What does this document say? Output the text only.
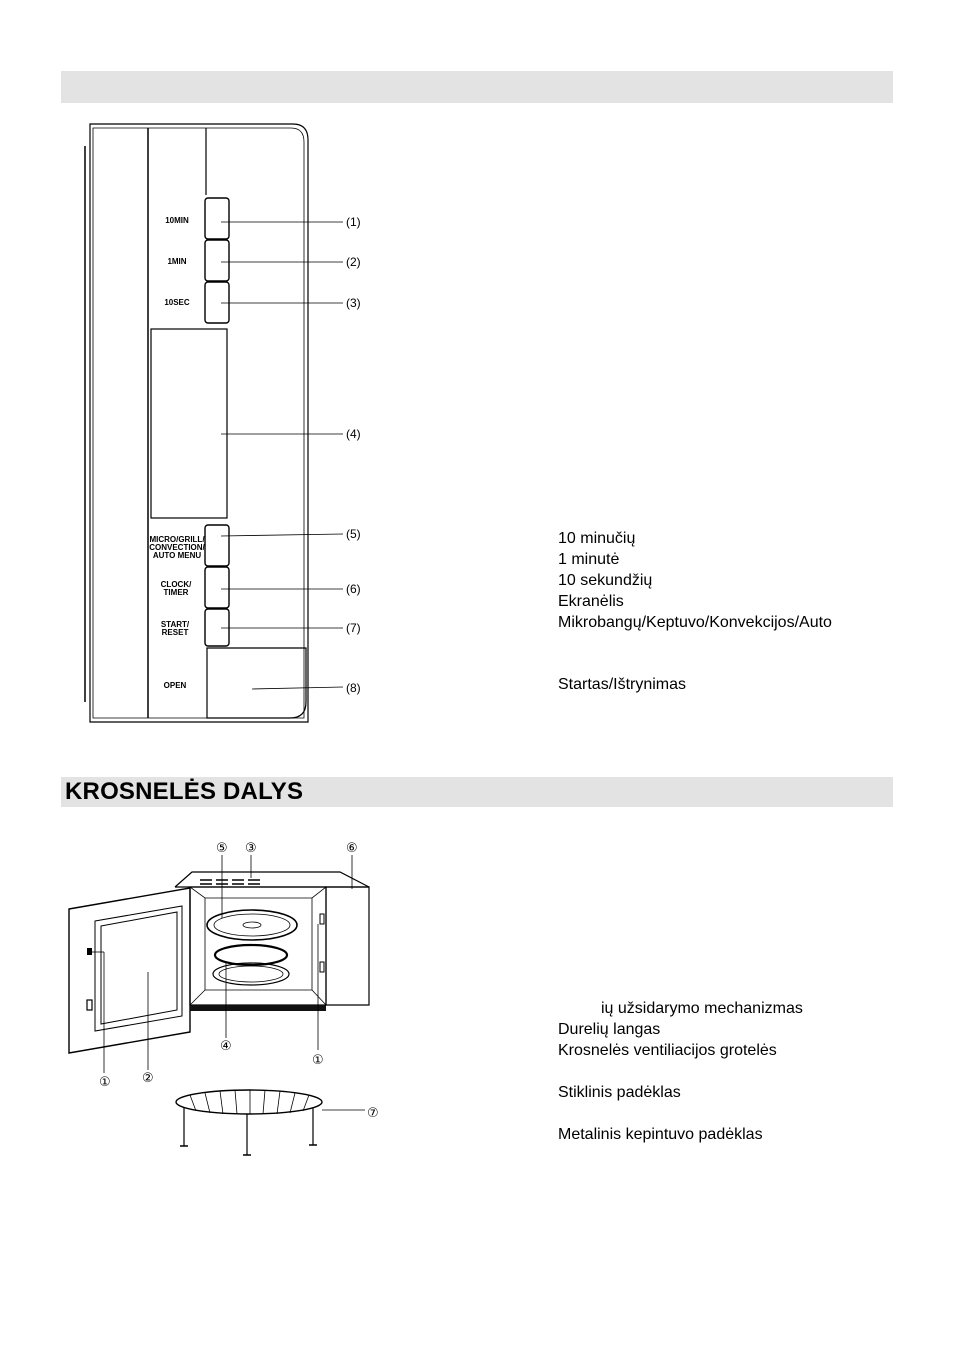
KROSNELĖS DALYS
10MIN
1MIN
10SEC
MICRO/GRILL/
CONVECTION/
AUTO MENU
CLOCK/
TIMER
START/
RESET
OPEN
(1)
(2)
(3)
(4)
(5)
(6)
(7)
(8)
10 minučių
1 minutė
10 sekundžių
Ekranėlis
Mikrobangų/Keptuvo/Konvekcijos/Auto
Startas/Ištrynimas
⑤ ③	⑥
④
①
②
①
⑦
ių užsidarymo mechanizmas
Durelių langas
Krosnelės ventiliacijos grotelės
Stiklinis padėklas
Metalinis kepintuvo padėklas
